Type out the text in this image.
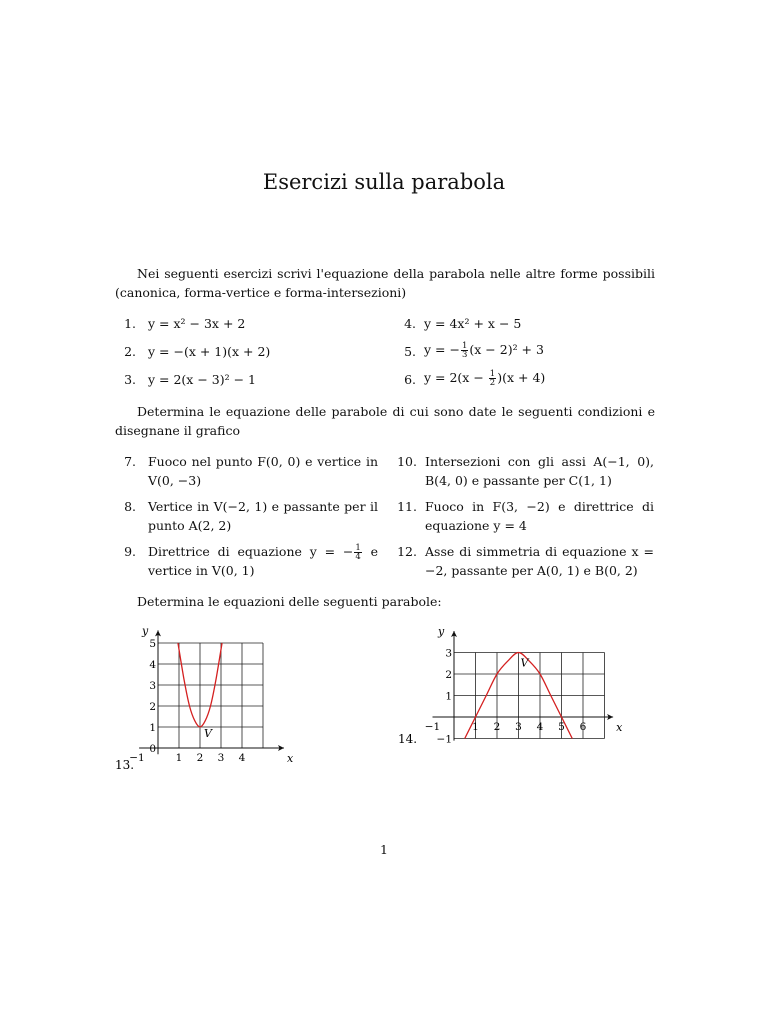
Esercizi sulla parabola
Nei seguenti esercizi scrivi l'equazione della parabola nelle altre forme possibili (canonica, forma-vertice e forma-intersezioni)
1. y = x² − 3x + 2
2. y = −(x + 1)(x + 2)
3. y = 2(x − 3)² − 1
4. y = 4x² + x − 5
5. y = − $\frac{1}{3} (x - 2)^2 + 3$
6. $y = 2(x - \frac{1}{2} )(x + 4)$
Determina le equazione delle parabole di cui sono date le seguenti condizioni e disegnane il grafico
7. Fuoco nel punto F(0, 0) e vertice in V(0, −3)
8. Vertice in V(−2, 1) e passante per il punto A(2, 2)
9. Direttrice di equazione y = − $\frac{1}{4}$ e vertice in V(0, 1)
10. Intersezioni con gli assi A(−1, 0), B(4, 0) e passante per C(1, 1)
11. Fuoco in F(3, −2) e direttrice di equazione y = 4
12. Asse di simmetria di equazione x = −2, passante per A(0, 1) e B(0, 2)
Determina le equazioni delle seguenti parabole:
x
y
−1	1 2 3 4
0
1
2
3
4
5
V
13.
x
y
−1	1 2 3 4 5 6
−1
1
2
3
V
14.
1
